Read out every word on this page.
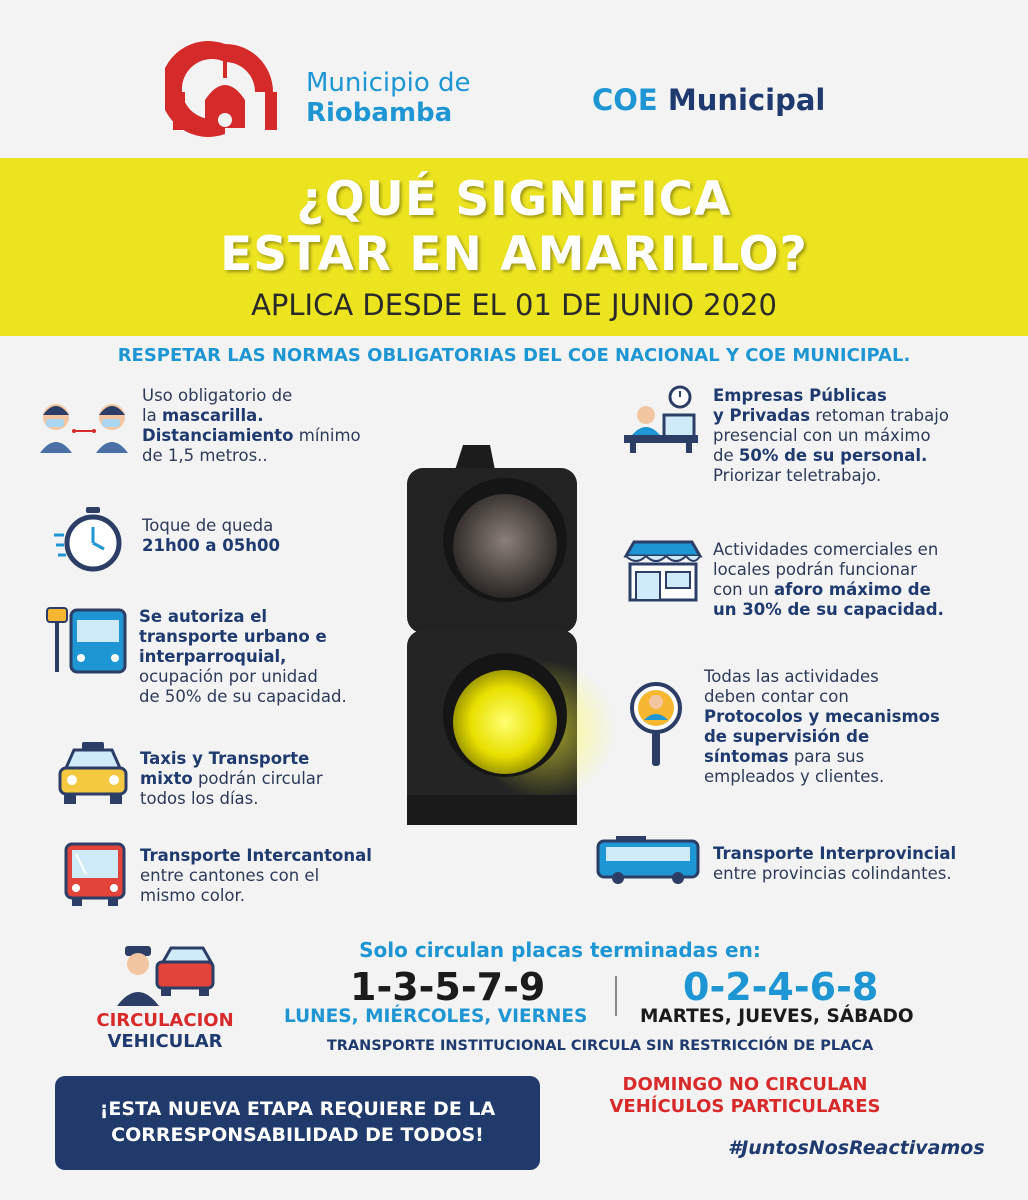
Municipio de
Riobamba	COE Municipal
¿QUÉ SIGNIFICA
ESTAR EN AMARILLO?
APLICA DESDE EL 01 DE JUNIO 2020
RESPETAR LAS NORMAS OBLIGATORIAS DEL COE NACIONAL Y COE MUNICIPAL.
Uso obligatorio de
la mascarilla.
Distanciamiento mínimo
de 1,5 metros..
Toque de queda
21h00 a 05h00
Se autoriza el
transporte urbano e
interparroquial,
ocupación por unidad
de 50% de su capacidad.
Taxis y Transporte
mixto podrán circular
todos los días.
Transporte Intercantonal
entre cantones con el
mismo color.
Empresas Públicas
y Privadas retoman trabajo
presencial con un máximo
de 50% de su personal.
Priorizar teletrabajo.
Actividades comerciales en
locales podrán funcionar
con un aforo máximo de
un 30% de su capacidad.
Todas las actividades
deben contar con
Protocolos y mecanismos
de supervisión de
síntomas para sus
empleados y clientes.
Transporte Interprovincial
entre provincias colindantes.
CIRCULACION
VEHICULAR
Solo circulan placas terminadas en:
1-3-5-7-9	0-2-4-6-8
LUNES, MIÉRCOLES, VIERNES	MARTES, JUEVES, SÁBADO
TRANSPORTE INSTITUCIONAL CIRCULA SIN RESTRICCIÓN DE PLACA
¡ESTA NUEVA ETAPA REQUIERE DE LA
CORRESPONSABILIDAD DE TODOS!
DOMINGO NO CIRCULAN
VEHÍCULOS PARTICULARES
#JuntosNosReactivamos
